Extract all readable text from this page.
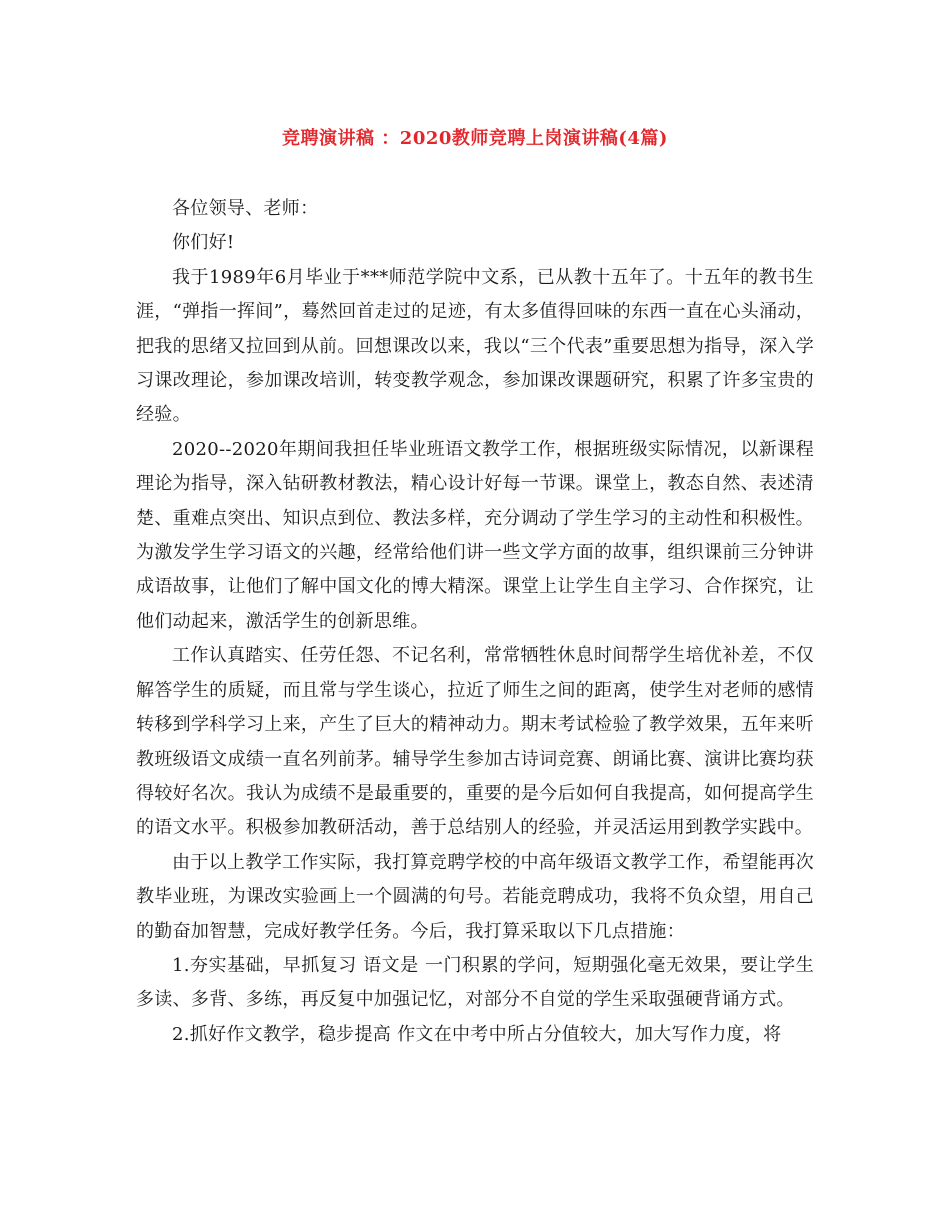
竞聘演讲稿 ：2020教师竞聘上岗演讲稿(4篇)

各位领导、老师：

你们好!

我于1989年6月毕业于***师范学院中文系，已从教十五年了。十五年的教书生涯，“弹指一挥间”，蓦然回首走过的足迹，有太多值得回味的东西一直在心头涌动，把我的思绪又拉回到从前。回想课改以来，我以“三个代表”重要思想为指导，深入学习课改理论，参加课改培训，转变教学观念，参加课改课题研究，积累了许多宝贵的经验。

2020--2020年期间我担任毕业班语文教学工作，根据班级实际情况，以新课程理论为指导，深入钻研教材教法，精心设计好每一节课。课堂上，教态自然、表述清楚、重难点突出、知识点到位、教法多样，充分调动了学生学习的主动性和积极性。为激发学生学习语文的兴趣，经常给他们讲一些文学方面的故事，组织课前三分钟讲成语故事，让他们了解中国文化的博大精深。课堂上让学生自主学习、合作探究，让他们动起来，激活学生的创新思维。

工作认真踏实、任劳任怨、不记名利，常常牺牲休息时间帮学生培优补差，不仅解答学生的质疑，而且常与学生谈心，拉近了师生之间的距离，使学生对老师的感情转移到学科学习上来，产生了巨大的精神动力。期末考试检验了教学效果，五年来听教班级语文成绩一直名列前茅。辅导学生参加古诗词竞赛、朗诵比赛、演讲比赛均获得较好名次。我认为成绩不是最重要的，重要的是今后如何自我提高，如何提高学生的语文水平。积极参加教研活动，善于总结别人的经验，并灵活运用到教学实践中。

由于以上教学工作实际，我打算竞聘学校的中高年级语文教学工作，希望能再次教毕业班，为课改实验画上一个圆满的句号。若能竞聘成功，我将不负众望，用自己的勤奋加智慧，完成好教学任务。今后，我打算采取以下几点措施：

1.夯实基础，早抓复习 语文是 一门积累的学问，短期强化毫无效果，要让学生多读、多背、多练，再反复中加强记忆，对部分不自觉的学生采取强硬背诵方式。

2.抓好作文教学，稳步提高 作文在中考中所占分值较大，加大写作力度，将
